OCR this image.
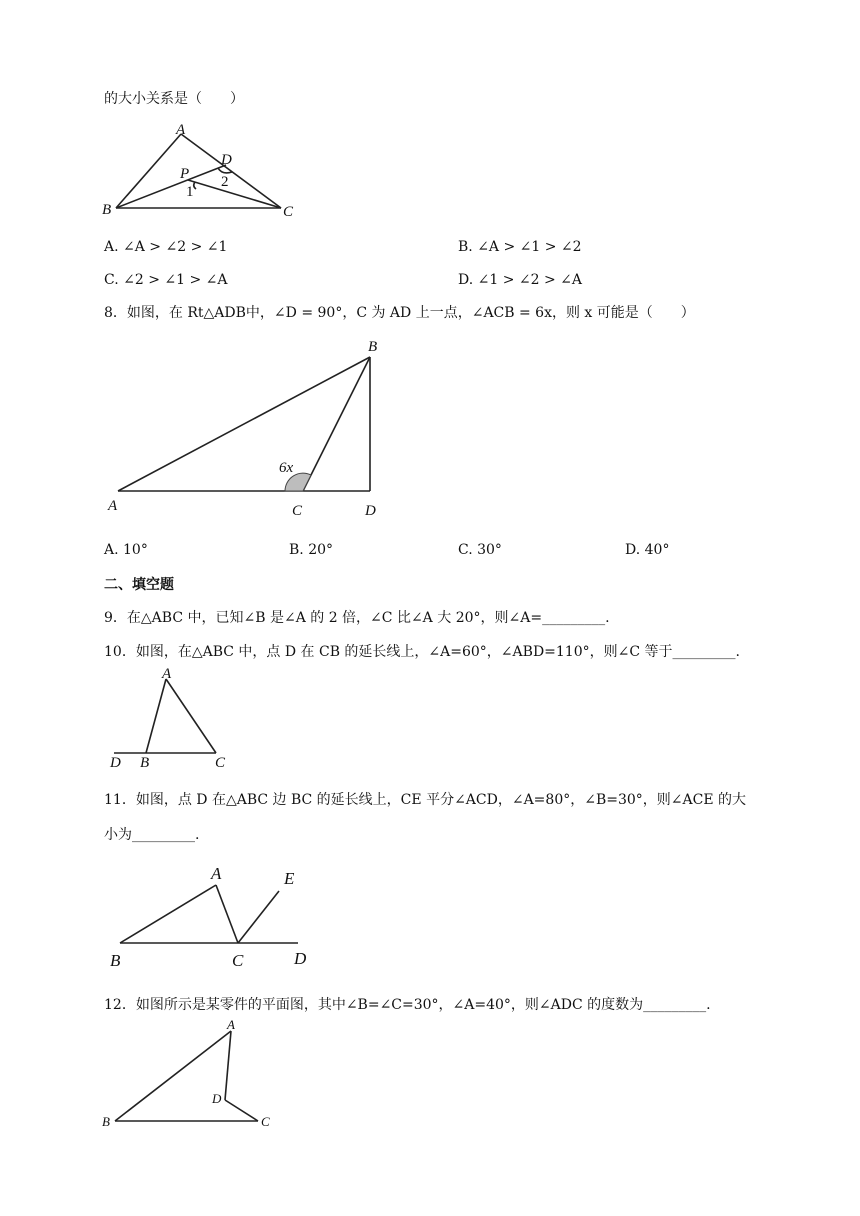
的大小关系是（　　）
A
B	C
D
P
1
2
A. ∠A > ∠2 > ∠1	B. ∠A > ∠1 > ∠2
C. ∠2 > ∠1 > ∠A	D. ∠1 > ∠2 > ∠A
8．如图，在 Rt△ADB中，∠D = 90°，C 为 AD 上一点，∠ACB = 6x，则 x 可能是（　　）
A
B
C	D
6x
A. 10°	B. 20°	C. 30°	D. 40°
二、填空题
9．在△ABC 中，已知∠B 是∠A 的 2 倍，∠C 比∠A 大 20°，则∠A=_________.
10．如图，在△ABC 中，点 D 在 CB 的延长线上，∠A=60°，∠ABD=110°，则∠C 等于_________.
A
B	C
D
11．如图，点 D 在△ABC 边 BC 的延长线上，CE 平分∠ACD，∠A=80°，∠B=30°，则∠ACE 的大
小为_________.
A
B	C	D
E
12．如图所示是某零件的平面图，其中∠B=∠C=30°，∠A=40°，则∠ADC 的度数为_________.
A
B	C
D
